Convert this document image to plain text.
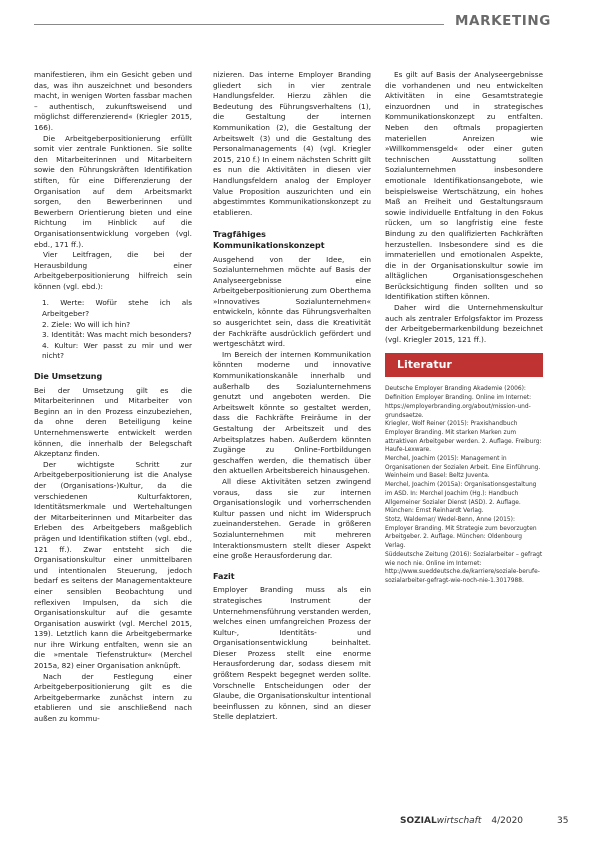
MARKETING

manifestieren, ihm ein Gesicht geben und das, was ihn auszeichnet und besonders macht, in wenigen Worten fassbar machen – authentisch, zukunftsweisend und möglichst differenzierend« (Kriegler 2015, 166).

Die Arbeitgeberpositionierung erfüllt somit vier zentrale Funktionen. Sie sollte den Mitarbeiterinnen und Mitarbeitern sowie den Führungskräften Identifikation stiften, für eine Differenzierung der Organisation auf dem Arbeitsmarkt sorgen, den Bewerberinnen und Bewerbern Orientierung bieten und eine Richtung im Hinblick auf die Organisationsentwicklung vorgeben (vgl. ebd., 171 ff.).

Vier Leitfragen, die bei der Herausbildung einer Arbeitgeberpositionierung hilfreich sein können (vgl. ebd.):

1. Werte: Wofür stehe ich als Arbeitgeber?
2. Ziele: Wo will ich hin?
3. Identität: Was macht mich besonders?
4. Kultur: Wer passt zu mir und wer nicht?
Die Umsetzung

Bei der Umsetzung gilt es die Mitarbeiterinnen und Mitarbeiter von Beginn an in den Prozess einzubeziehen, da ohne deren Beteiligung keine Unternehmenswerte entwickelt werden können, die innerhalb der Belegschaft Akzeptanz finden.

Der wichtigste Schritt zur Arbeitgeberpositionierung ist die Analyse der (Organisations-)Kultur, da die verschiedenen Kulturfaktoren, Identitätsmerkmale und Wertehaltungen der Mitarbeiterinnen und Mitarbeiter das Erleben des Arbeitgebers maßgeblich prägen und Identifikation stiften (vgl. ebd., 121 ff.). Zwar entsteht sich die Organisationskultur einer unmittelbaren und intentionalen Steuerung, jedoch bedarf es seitens der Managementakteure einer sensiblen Beobachtung und reflexiven Impulsen, da sich die Organisationskultur auf die gesamte Organisation auswirkt (vgl. Merchel 2015, 139). Letztlich kann die Arbeitgebermarke nur ihre Wirkung entfalten, wenn sie an die »mentale Tiefenstruktur« (Merchel 2015a, 82) einer Organisation anknüpft.

Nach der Festlegung einer Arbeitgeberpositionierung gilt es die Arbeitgebermarke zunächst intern zu etablieren und sie anschließend nach außen zu kommu-

nizieren. Das interne Employer Branding gliedert sich in vier zentrale Handlungsfelder. Hierzu zählen die Bedeutung des Führungsverhaltens (1), die Gestaltung der internen Kommunikation (2), die Gestaltung der Arbeitswelt (3) und die Gestaltung des Personalmanagements (4) (vgl. Kriegler 2015, 210 f.) In einem nächsten Schritt gilt es nun die Aktivitäten in diesen vier Handlungsfeldern analog der Employer Value Proposition auszurichten und ein abgestimmtes Kommunikationskonzept zu etablieren.

Tragfähiges
Kommunikationskonzept

Ausgehend von der Idee, ein Sozialunternehmen möchte auf Basis der Analyseergebnisse eine Arbeitgeberpositionierung zum Oberthema »Innovatives Sozialunternehmen« entwickeln, könnte das Führungsverhalten so ausgerichtet sein, dass die Kreativität der Fachkräfte ausdrücklich gefördert und wertgeschätzt wird.

Im Bereich der internen Kommunikation könnten moderne und innovative Kommunikationskanäle innerhalb und außerhalb des Sozialunternehmens genutzt und angeboten werden. Die Arbeitswelt könnte so gestaltet werden, dass die Fachkräfte Freiräume in der Gestaltung der Arbeitszeit und des Arbeitsplatzes haben. Außerdem könnten Zugänge zu Online-Fortbildungen geschaffen werden, die thematisch über den aktuellen Arbeitsbereich hinausgehen.

All diese Aktivitäten setzen zwingend voraus, dass sie zur internen Organisationslogik und vorherrschenden Kultur passen und nicht im Widerspruch zueinanderstehen. Gerade in größeren Sozialunternehmen mit mehreren Interaktionsmustern stellt dieser Aspekt eine große Herausforderung dar.

Fazit

Employer Branding muss als ein strategisches Instrument der Unternehmensführung verstanden werden, welches einen umfangreichen Prozess der Kultur-, Identitäts- und Organisationsentwicklung beinhaltet. Dieser Prozess stellt eine enorme Herausforderung dar, sodass diesem mit größtem Respekt begegnet werden sollte. Vorschnelle Entscheidungen oder der Glaube, die Organisationskultur intentional beeinflussen zu können, sind an dieser Stelle deplatziert.

Es gilt auf Basis der Analyseergebnisse die vorhandenen und neu entwickelten Aktivitäten in eine Gesamtstrategie einzuordnen und in strategisches Kommunikationskonzept zu entfalten. Neben den oftmals propagierten materiellen Anreizen wie »Willkommensgeld« oder einer guten technischen Ausstattung sollten Sozialunternehmen insbesondere emotionale Identifikationsangebote, wie beispielsweise Wertschätzung, ein hohes Maß an Freiheit und Gestaltungsraum sowie individuelle Entfaltung in den Fokus rücken, um so langfristig eine feste Bindung zu den qualifizierten Fachkräften herzustellen. Insbesondere sind es die immateriellen und emotionalen Aspekte, die in der Organisationskultur sowie im alltäglichen Organisationsgeschehen Berücksichtigung finden sollten und so Identifikation stiften können.

Daher wird die Unternehmenskultur auch als zentraler Erfolgsfaktor im Prozess der Arbeitgebermarkenbildung bezeichnet (vgl. Kriegler 2015, 121 ff.).

Literatur
Deutsche Employer Branding Akademie (2006): Definition Employer Branding. Online im Internet: https://employerbranding.org/about/mission-und-grundsaetze.
Kriegler, Wolf Reiner (2015): Praxishandbuch Employer Branding. Mit starken Marken zum attraktiven Arbeitgeber werden. 2. Auflage. Freiburg: Haufe-Lexware.
Merchel, Joachim (2015): Management in Organisationen der Sozialen Arbeit. Eine Einführung. Weinheim und Basel: Beltz Juventa.
Merchel, Joachim (2015a): Organisationsgestaltung im ASD. In: Merchel Joachim (Hg.): Handbuch Allgemeiner Sozialer Dienst (ASD). 2. Auflage. München: Ernst Reinhardt Verlag.
Stotz, Waldemar/ Wedel-Benn, Anne (2015): Employer Branding. Mit Strategie zum bevorzugten Arbeitgeber. 2. Auflage. München: Oldenbourg Verlag.
Süddeutsche Zeitung (2016): Sozialarbeiter – gefragt wie noch nie. Online im Internet: http://www.sueddeutsche.de/karriere/soziale-berufe-sozialarbeiter-gefragt-wie-noch-nie-1.3017988.
SOZIALwirtschaft 4/2020	35
